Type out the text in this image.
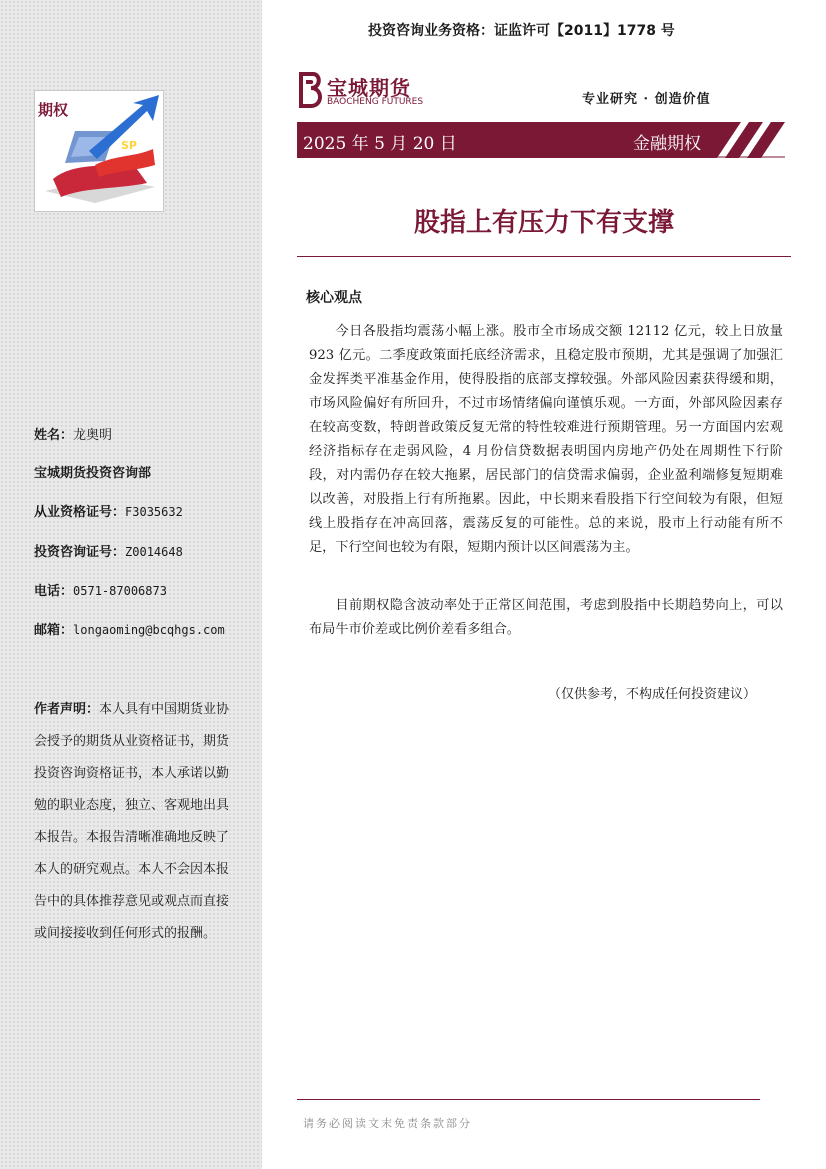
SP
期权
姓名：龙奥明
宝城期货投资咨询部
从业资格证号：F3035632
投资咨询证号：Z0014648
电话：0571-87006873
邮箱：longaoming@bcqhgs.com
作者声明：本人具有中国期货业协会授予的期货从业资格证书，期货投资咨询资格证书，本人承诺以勤勉的职业态度，独立、客观地出具本报告。本报告清晰准确地反映了本人的研究观点。本人不会因本报告中的具体推荐意见或观点而直接或间接接收到任何形式的报酬。
投资咨询业务资格：证监许可【2011】1778 号
宝城期货
BAOCHENG FUTURES	专业研究 · 创造价值
2025 年 5 月 20 日	金融期权
股指上有压力下有支撑
核心观点

今日各股指均震荡小幅上涨。股市全市场成交额 12112 亿元，较上日放量 923 亿元。二季度政策面托底经济需求，且稳定股市预期，尤其是强调了加强汇金发挥类平准基金作用，使得股指的底部支撑较强。外部风险因素获得缓和期，市场风险偏好有所回升，不过市场情绪偏向谨慎乐观。一方面，外部风险因素存在较高变数，特朗普政策反复无常的特性较难进行预期管理。另一方面国内宏观经济指标存在走弱风险，4 月份信贷数据表明国内房地产仍处在周期性下行阶段，对内需仍存在较大拖累，居民部门的信贷需求偏弱，企业盈利端修复短期难以改善，对股指上行有所拖累。因此，中长期来看股指下行空间较为有限，但短线上股指存在冲高回落，震荡反复的可能性。总的来说，股市上行动能有所不足，下行空间也较为有限，短期内预计以区间震荡为主。

目前期权隐含波动率处于正常区间范围，考虑到股指中长期趋势向上，可以布局牛市价差或比例价差看多组合。

（仅供参考，不构成任何投资建议）
请务必阅读文末免责条款部分
